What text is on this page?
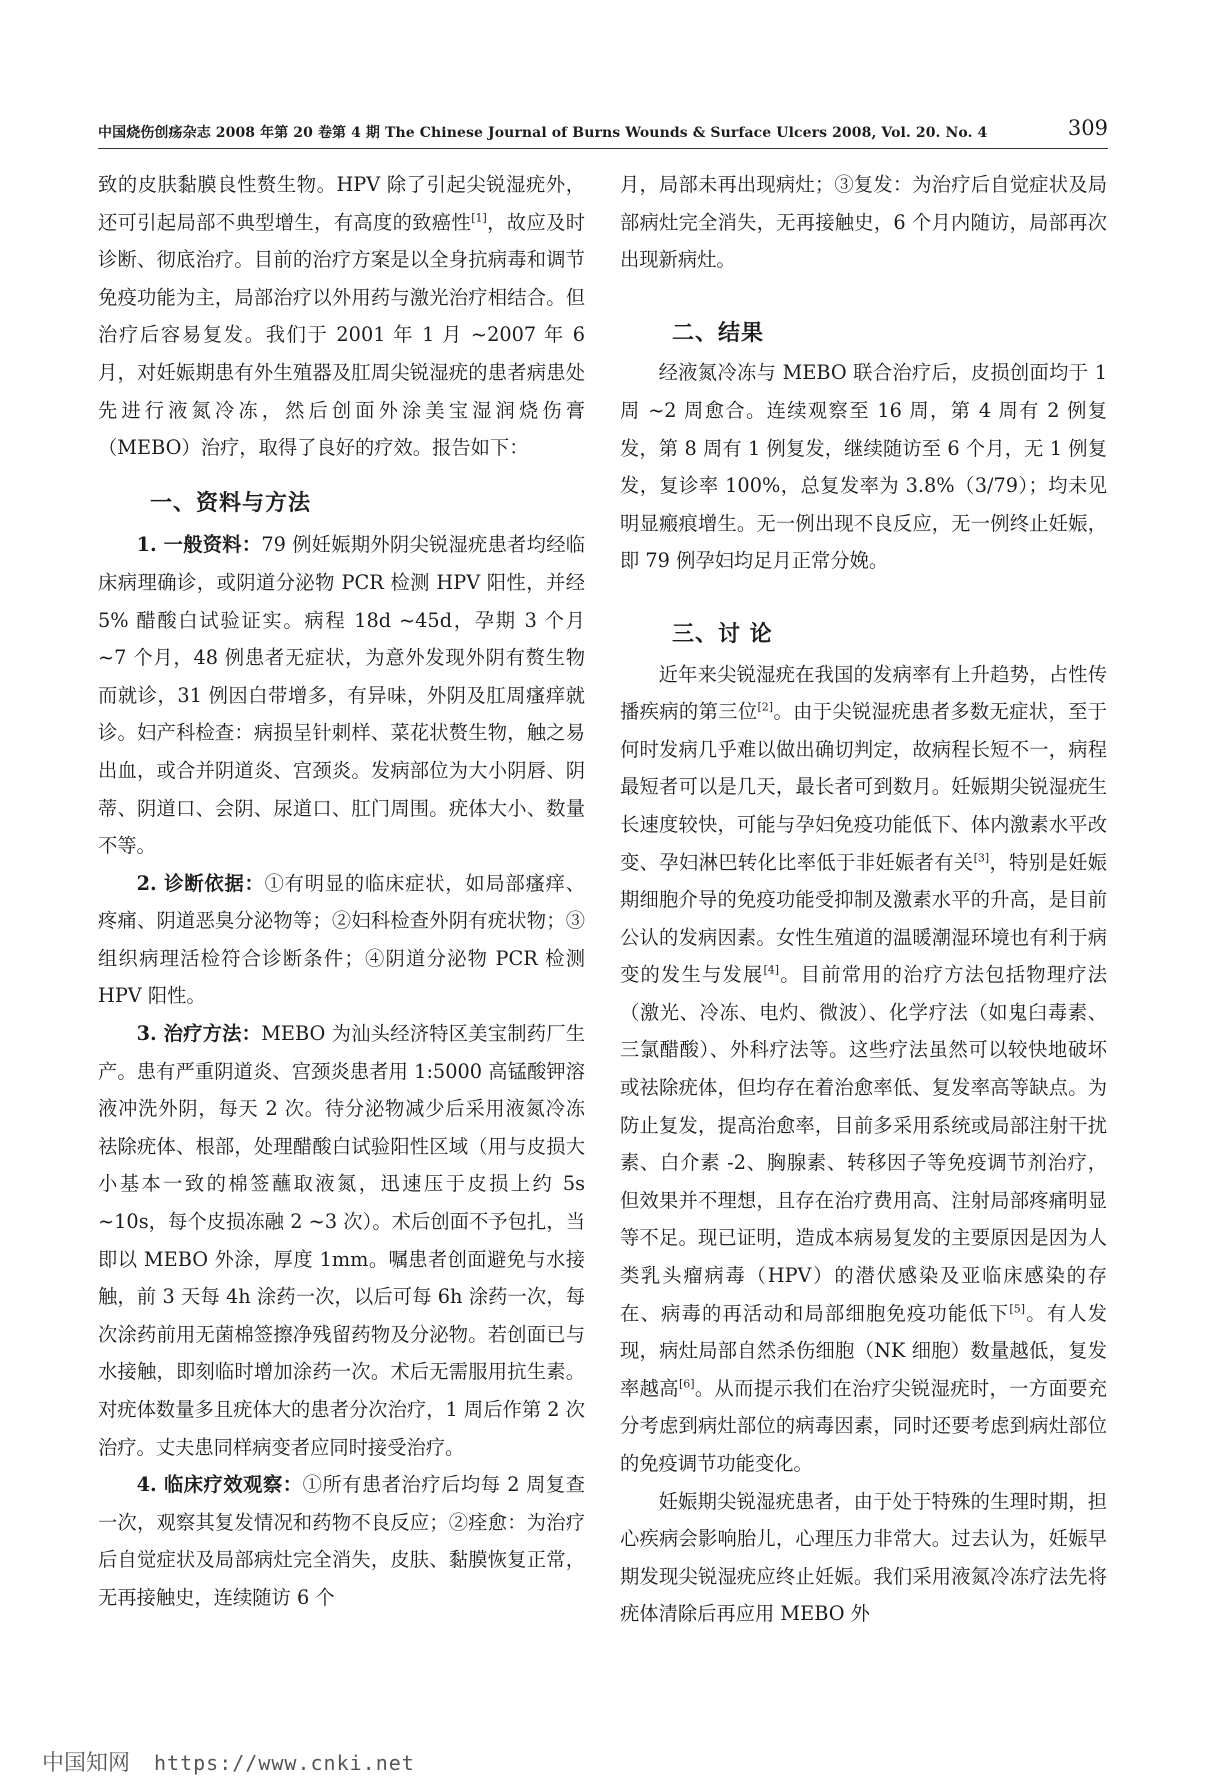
中国烧伤创疡杂志 2008 年第 20 卷第 4 期 The Chinese Journal of Burns Wounds & Surface Ulcers 2008, Vol. 20. No. 4	309

致的皮肤黏膜良性赘生物。HPV 除了引起尖锐湿疣外，还可引起局部不典型增生，有高度的致癌性[1]，故应及时诊断、彻底治疗。目前的治疗方案是以全身抗病毒和调节免疫功能为主，局部治疗以外用药与激光治疗相结合。但治疗后容易复发。我们于 2001 年 1 月 ~2007 年 6 月，对妊娠期患有外生殖器及肛周尖锐湿疣的患者病患处先进行液氮冷冻，然后创面外涂美宝湿润烧伤膏（MEBO）治疗，取得了良好的疗效。报告如下：

一、资料与方法

1. 一般资料：79 例妊娠期外阴尖锐湿疣患者均经临床病理确诊，或阴道分泌物 PCR 检测 HPV 阳性，并经 5% 醋酸白试验证实。病程 18d ~45d，孕期 3 个月 ~7 个月，48 例患者无症状，为意外发现外阴有赘生物而就诊，31 例因白带增多，有异味，外阴及肛周瘙痒就诊。妇产科检查：病损呈针刺样、菜花状赘生物，触之易出血，或合并阴道炎、宫颈炎。发病部位为大小阴唇、阴蒂、阴道口、会阴、尿道口、肛门周围。疣体大小、数量不等。

2. 诊断依据：①有明显的临床症状，如局部瘙痒、疼痛、阴道恶臭分泌物等；②妇科检查外阴有疣状物；③组织病理活检符合诊断条件；④阴道分泌物 PCR 检测 HPV 阳性。

3. 治疗方法：MEBO 为汕头经济特区美宝制药厂生产。患有严重阴道炎、宫颈炎患者用 1:5000 高锰酸钾溶液冲洗外阴，每天 2 次。待分泌物减少后采用液氮冷冻祛除疣体、根部，处理醋酸白试验阳性区域（用与皮损大小基本一致的棉签蘸取液氮，迅速压于皮损上约 5s ~10s，每个皮损冻融 2 ~3 次）。术后创面不予包扎，当即以 MEBO 外涂，厚度 1mm。嘱患者创面避免与水接触，前 3 天每 4h 涂药一次，以后可每 6h 涂药一次，每次涂药前用无菌棉签擦净残留药物及分泌物。若创面已与水接触，即刻临时增加涂药一次。术后无需服用抗生素。对疣体数量多且疣体大的患者分次治疗，1 周后作第 2 次治疗。丈夫患同样病变者应同时接受治疗。

4. 临床疗效观察：①所有患者治疗后均每 2 周复查一次，观察其复发情况和药物不良反应；②痊愈：为治疗后自觉症状及局部病灶完全消失，皮肤、黏膜恢复正常，无再接触史，连续随访 6 个

月，局部未再出现病灶；③复发：为治疗后自觉症状及局部病灶完全消失，无再接触史，6 个月内随访，局部再次出现新病灶。

二、结果

经液氮冷冻与 MEBO 联合治疗后，皮损创面均于 1 周 ~2 周愈合。连续观察至 16 周，第 4 周有 2 例复发，第 8 周有 1 例复发，继续随访至 6 个月，无 1 例复发，复诊率 100%，总复发率为 3.8%（3/79）；均未见明显瘢痕增生。无一例出现不良反应，无一例终止妊娠，即 79 例孕妇均足月正常分娩。

三、讨 论

近年来尖锐湿疣在我国的发病率有上升趋势，占性传播疾病的第三位[2]。由于尖锐湿疣患者多数无症状，至于何时发病几乎难以做出确切判定，故病程长短不一，病程最短者可以是几天，最长者可到数月。妊娠期尖锐湿疣生长速度较快，可能与孕妇免疫功能低下、体内激素水平改变、孕妇淋巴转化比率低于非妊娠者有关[3]，特别是妊娠期细胞介导的免疫功能受抑制及激素水平的升高，是目前公认的发病因素。女性生殖道的温暖潮湿环境也有利于病变的发生与发展[4]。目前常用的治疗方法包括物理疗法（激光、冷冻、电灼、微波）、化学疗法（如鬼臼毒素、三氯醋酸）、外科疗法等。这些疗法虽然可以较快地破坏或祛除疣体，但均存在着治愈率低、复发率高等缺点。为防止复发，提高治愈率，目前多采用系统或局部注射干扰素、白介素 -2、胸腺素、转移因子等免疫调节剂治疗，但效果并不理想，且存在治疗费用高、注射局部疼痛明显等不足。现已证明，造成本病易复发的主要原因是因为人类乳头瘤病毒（HPV）的潜伏感染及亚临床感染的存在、病毒的再活动和局部细胞免疫功能低下[5]。有人发现，病灶局部自然杀伤细胞（NK 细胞）数量越低，复发率越高[6]。从而提示我们在治疗尖锐湿疣时，一方面要充分考虑到病灶部位的病毒因素，同时还要考虑到病灶部位的免疫调节功能变化。

妊娠期尖锐湿疣患者，由于处于特殊的生理时期，担心疾病会影响胎儿，心理压力非常大。过去认为，妊娠早期发现尖锐湿疣应终止妊娠。我们采用液氮冷冻疗法先将疣体清除后再应用 MEBO 外

中国知网 https://www.cnki.net
